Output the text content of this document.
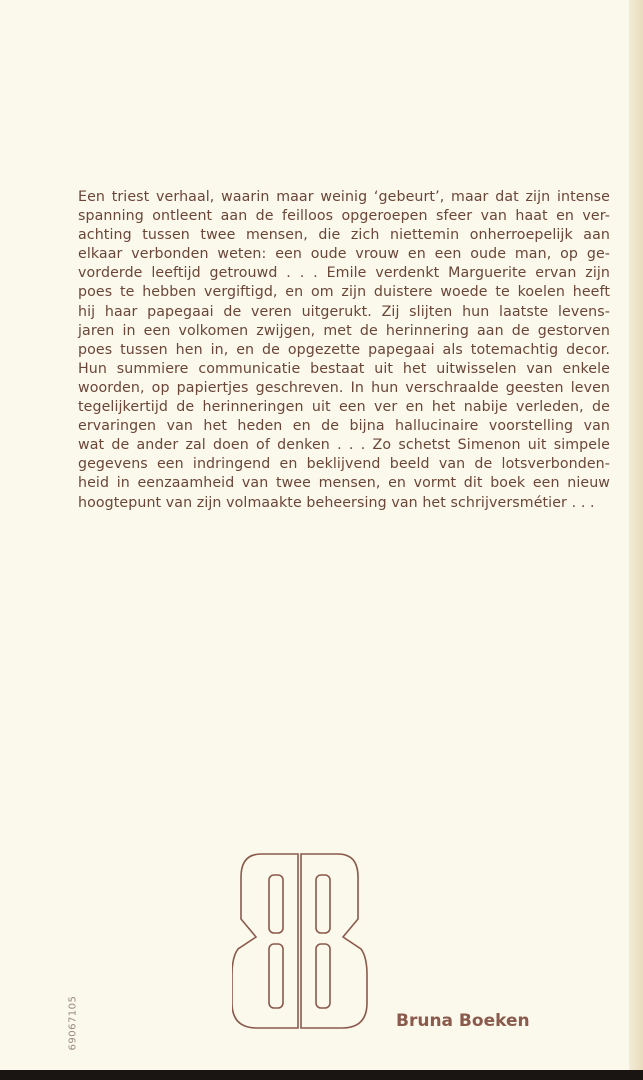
Een triest verhaal, waarin maar weinig ‘gebeurt’, maar dat zijn intense
spanning ontleent aan de feilloos opgeroepen sfeer van haat en ver-
achting tussen twee mensen, die zich niettemin onherroepelijk aan
elkaar verbonden weten: een oude vrouw en een oude man, op ge-
vorderde leeftijd getrouwd . . . Emile verdenkt Marguerite ervan zijn
poes te hebben vergiftigd, en om zijn duistere woede te koelen heeft
hij haar papegaai de veren uitgerukt. Zij slijten hun laatste levens-
jaren in een volkomen zwijgen, met de herinnering aan de gestorven
poes tussen hen in, en de opgezette papegaai als totemachtig decor.
Hun summiere communicatie bestaat uit het uitwisselen van enkele
woorden, op papiertjes geschreven. In hun verschraalde geesten leven
tegelijkertijd de herinneringen uit een ver en het nabije verleden, de
ervaringen van het heden en de bijna hallucinaire voorstelling van
wat de ander zal doen of denken . . . Zo schetst Simenon uit simpele
gegevens een indringend en beklijvend beeld van de lotsverbonden-
heid in eenzaamheid van twee mensen, en vormt dit boek een nieuw
hoogtepunt van zijn volmaakte beheersing van het schrijversmétier . . .
Bruna Boeken
69067105
